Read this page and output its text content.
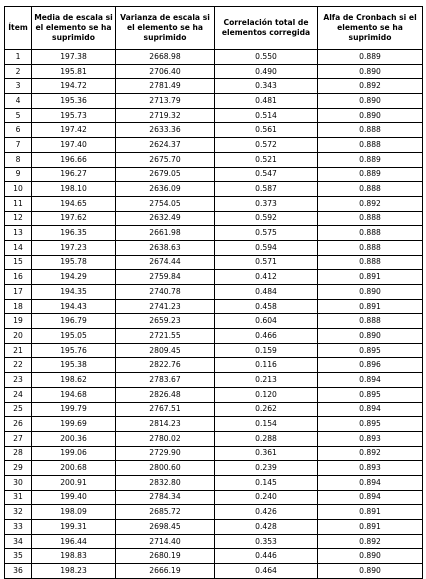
Ítem	Media de escala si el elemento se ha suprimido	Varianza de escala si el elemento se ha suprimido	Correlación total de elementos corregida	Alfa de Cronbach si el elemento se ha suprimido
1	197.38	2668.98	0.550	0.889
2	195.81	2706.40	0.490	0.890
3	194.72	2781.49	0.343	0.892
4	195.36	2713.79	0.481	0.890
5	195.73	2719.32	0.514	0.890
6	197.42	2633.36	0.561	0.888
7	197.40	2624.37	0.572	0.888
8	196.66	2675.70	0.521	0.889
9	196.27	2679.05	0.547	0.889
10	198.10	2636.09	0.587	0.888
11	194.65	2754.05	0.373	0.892
12	197.62	2632.49	0.592	0.888
13	196.35	2661.98	0.575	0.888
14	197.23	2638.63	0.594	0.888
15	195.78	2674.44	0.571	0.888
16	194.29	2759.84	0.412	0.891
17	194.35	2740.78	0.484	0.890
18	194.43	2741.23	0.458	0.891
19	196.79	2659.23	0.604	0.888
20	195.05	2721.55	0.466	0.890
21	195.76	2809.45	0.159	0.895
22	195.38	2822.76	0.116	0.896
23	198.62	2783.67	0.213	0.894
24	194.68	2826.48	0.120	0.895
25	199.79	2767.51	0.262	0.894
26	199.69	2814.23	0.154	0.895
27	200.36	2780.02	0.288	0.893
28	199.06	2729.90	0.361	0.892
29	200.68	2800.60	0.239	0.893
30	200.91	2832.80	0.145	0.894
31	199.40	2784.34	0.240	0.894
32	198.09	2685.72	0.426	0.891
33	199.31	2698.45	0.428	0.891
34	196.44	2714.40	0.353	0.892
35	198.83	2680.19	0.446	0.890
36	198.23	2666.19	0.464	0.890
